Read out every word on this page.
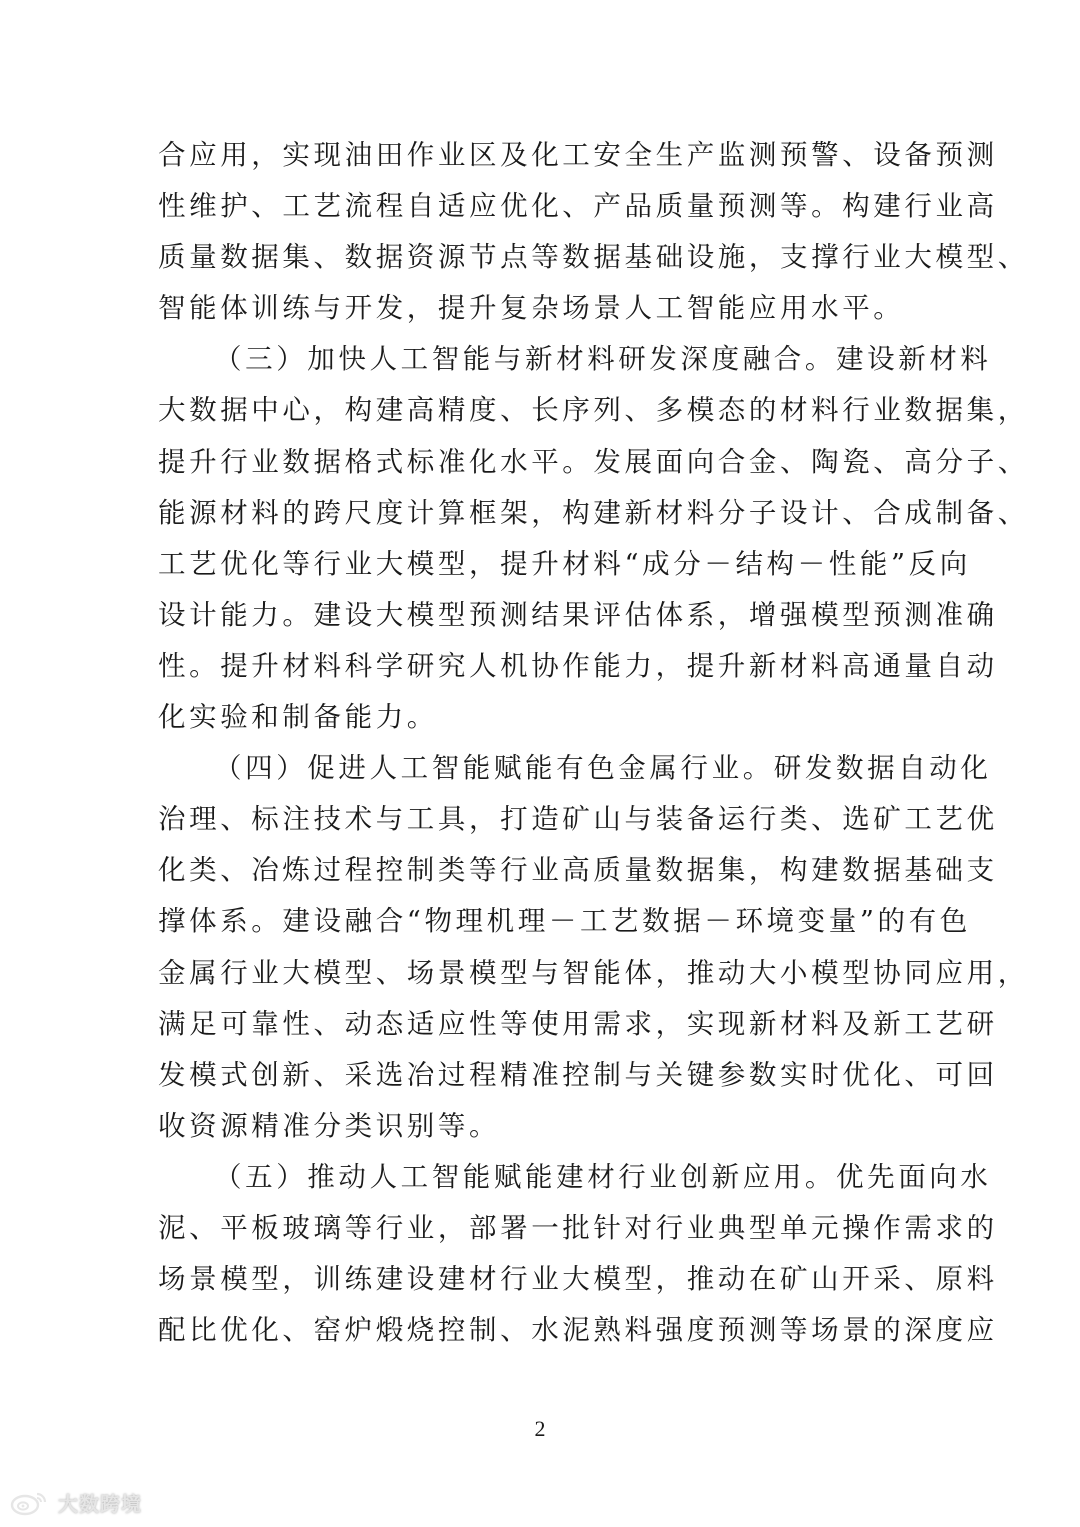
合应用，实现油田作业区及化工安全生产监测预警、设备预测
性维护、工艺流程自适应优化、产品质量预测等。构建行业高
质量数据集、数据资源节点等数据基础设施，支撑行业大模型、
智能体训练与开发，提升复杂场景人工智能应用水平。
（三）加快人工智能与新材料研发深度融合。建设新材料
大数据中心，构建高精度、长序列、多模态的材料行业数据集，
提升行业数据格式标准化水平。发展面向合金、陶瓷、高分子、
能源材料的跨尺度计算框架，构建新材料分子设计、合成制备、
工艺优化等行业大模型，提升材料“成分－结构－性能”反向
设计能力。建设大模型预测结果评估体系，增强模型预测准确
性。提升材料科学研究人机协作能力，提升新材料高通量自动
化实验和制备能力。
（四）促进人工智能赋能有色金属行业。研发数据自动化
治理、标注技术与工具，打造矿山与装备运行类、选矿工艺优
化类、冶炼过程控制类等行业高质量数据集，构建数据基础支
撑体系。建设融合“物理机理－工艺数据－环境变量”的有色
金属行业大模型、场景模型与智能体，推动大小模型协同应用，
满足可靠性、动态适应性等使用需求，实现新材料及新工艺研
发模式创新、采选冶过程精准控制与关键参数实时优化、可回
收资源精准分类识别等。
（五）推动人工智能赋能建材行业创新应用。优先面向水
泥、平板玻璃等行业，部署一批针对行业典型单元操作需求的
场景模型，训练建设建材行业大模型，推动在矿山开采、原料
配比优化、窑炉煅烧控制、水泥熟料强度预测等场景的深度应
2
大数跨境
